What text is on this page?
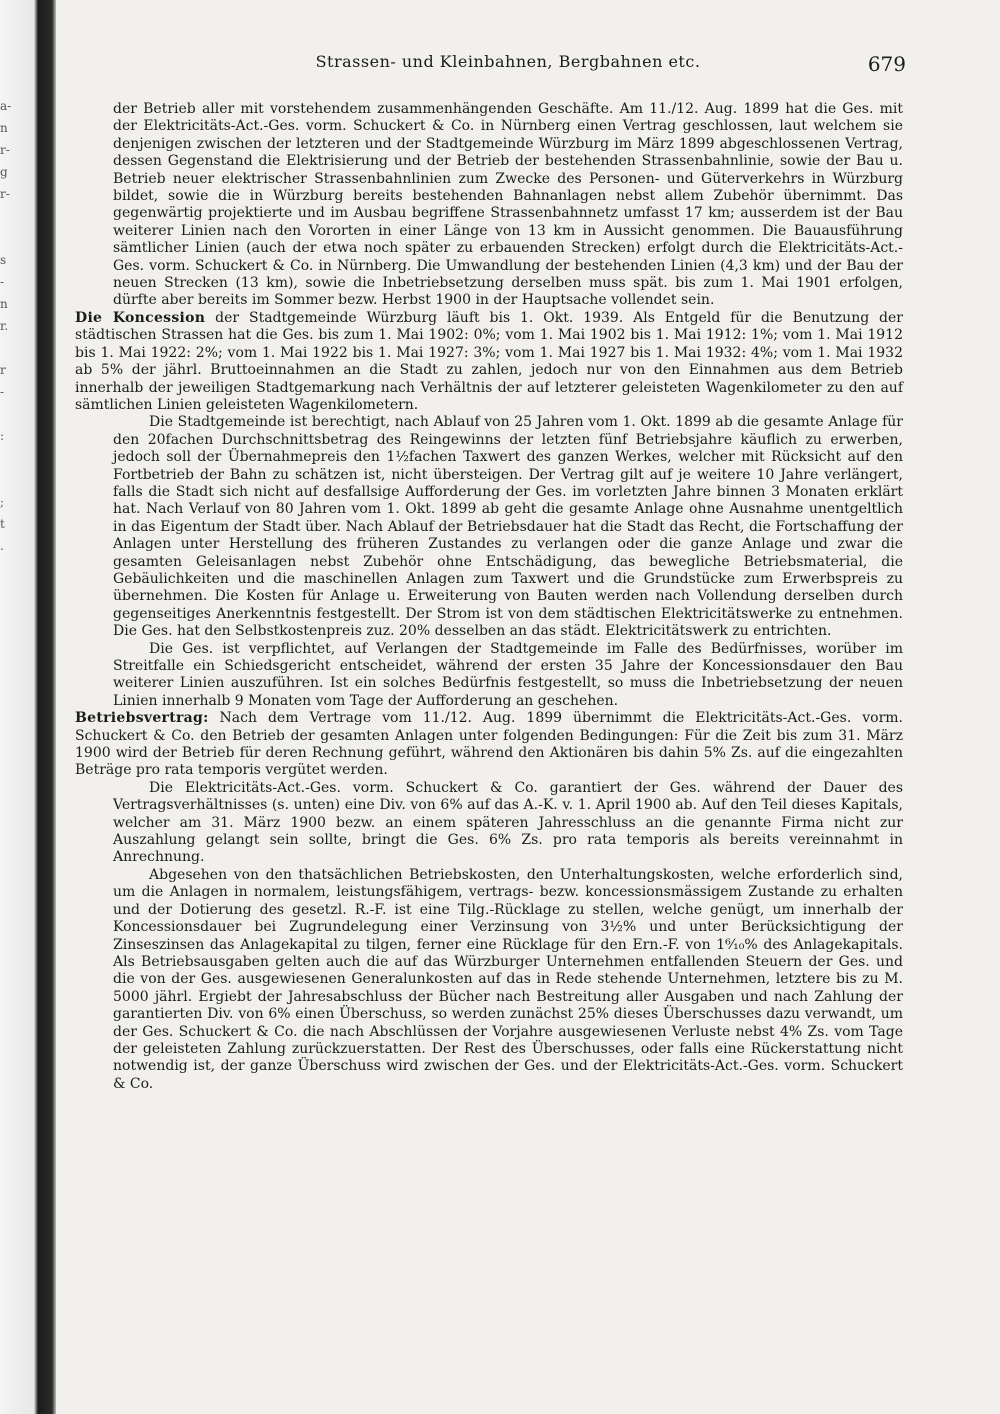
a-
n
r-
g
r-
s
-
n
r.
r
-
:
;
t
.
Strassen- und Kleinbahnen, Bergbahnen etc.	679

der Betrieb aller mit vorstehendem zusammenhängenden Geschäfte. Am 11./12. Aug. 1899 hat die Ges. mit der Elektricitäts-Act.-Ges. vorm. Schuckert & Co. in Nürnberg einen Vertrag geschlossen, laut welchem sie denjenigen zwischen der letzteren und der Stadtgemeinde Würzburg im März 1899 abgeschlossenen Vertrag, dessen Gegenstand die Elektrisierung und der Betrieb der bestehenden Strassenbahnlinie, sowie der Bau u. Betrieb neuer elektrischer Strassenbahnlinien zum Zwecke des Personen- und Güterverkehrs in Würzburg bildet, sowie die in Würzburg bereits bestehenden Bahnanlagen nebst allem Zubehör übernimmt. Das gegenwärtig projektierte und im Ausbau begriffene Strassenbahnnetz umfasst 17 km; ausserdem ist der Bau weiterer Linien nach den Vororten in einer Länge von 13 km in Aussicht genommen. Die Bauausführung sämtlicher Linien (auch der etwa noch später zu erbauenden Strecken) erfolgt durch die Elektricitäts-Act.-Ges. vorm. Schuckert & Co. in Nürnberg. Die Umwandlung der bestehenden Linien (4,3 km) und der Bau der neuen Strecken (13 km), sowie die Inbetriebsetzung derselben muss spät. bis zum 1. Mai 1901 erfolgen, dürfte aber bereits im Sommer bezw. Herbst 1900 in der Hauptsache vollendet sein.

Die Koncession der Stadtgemeinde Würzburg läuft bis 1. Okt. 1939. Als Entgeld für die Benutzung der städtischen Strassen hat die Ges. bis zum 1. Mai 1902: 0%; vom 1. Mai 1902 bis 1. Mai 1912: 1%; vom 1. Mai 1912 bis 1. Mai 1922: 2%; vom 1. Mai 1922 bis 1. Mai 1927: 3%; vom 1. Mai 1927 bis 1. Mai 1932: 4%; vom 1. Mai 1932 ab 5% der jährl. Bruttoeinnahmen an die Stadt zu zahlen, jedoch nur von den Einnahmen aus dem Betrieb innerhalb der jeweiligen Stadtgemarkung nach Verhältnis der auf letzterer geleisteten Wagenkilometer zu den auf sämtlichen Linien geleisteten Wagenkilometern.

Die Stadtgemeinde ist berechtigt, nach Ablauf von 25 Jahren vom 1. Okt. 1899 ab die gesamte Anlage für den 20fachen Durchschnittsbetrag des Reingewinns der letzten fünf Betriebsjahre käuflich zu erwerben, jedoch soll der Übernahmepreis den 1½fachen Taxwert des ganzen Werkes, welcher mit Rücksicht auf den Fortbetrieb der Bahn zu schätzen ist, nicht übersteigen. Der Vertrag gilt auf je weitere 10 Jahre verlängert, falls die Stadt sich nicht auf desfallsige Aufforderung der Ges. im vorletzten Jahre binnen 3 Monaten erklärt hat. Nach Verlauf von 80 Jahren vom 1. Okt. 1899 ab geht die gesamte Anlage ohne Ausnahme unentgeltlich in das Eigentum der Stadt über. Nach Ablauf der Betriebsdauer hat die Stadt das Recht, die Fortschaffung der Anlagen unter Herstellung des früheren Zustandes zu verlangen oder die ganze Anlage und zwar die gesamten Geleisanlagen nebst Zubehör ohne Entschädigung, das bewegliche Betriebsmaterial, die Gebäulichkeiten und die maschinellen Anlagen zum Taxwert und die Grundstücke zum Erwerbspreis zu übernehmen. Die Kosten für Anlage u. Erweiterung von Bauten werden nach Vollendung derselben durch gegenseitiges Anerkenntnis festgestellt. Der Strom ist von dem städtischen Elektricitätswerke zu entnehmen. Die Ges. hat den Selbstkostenpreis zuz. 20% desselben an das städt. Elektricitätswerk zu entrichten.

Die Ges. ist verpflichtet, auf Verlangen der Stadtgemeinde im Falle des Bedürfnisses, worüber im Streitfalle ein Schiedsgericht entscheidet, während der ersten 35 Jahre der Koncessionsdauer den Bau weiterer Linien auszuführen. Ist ein solches Bedürfnis festgestellt, so muss die Inbetriebsetzung der neuen Linien innerhalb 9 Monaten vom Tage der Aufforderung an geschehen.

Betriebsvertrag: Nach dem Vertrage vom 11./12. Aug. 1899 übernimmt die Elektricitäts-Act.-Ges. vorm. Schuckert & Co. den Betrieb der gesamten Anlagen unter folgenden Bedingungen: Für die Zeit bis zum 31. März 1900 wird der Betrieb für deren Rechnung geführt, während den Aktionären bis dahin 5% Zs. auf die eingezahlten Beträge pro rata temporis vergütet werden.

Die Elektricitäts-Act.-Ges. vorm. Schuckert & Co. garantiert der Ges. während der Dauer des Vertragsverhältnisses (s. unten) eine Div. von 6% auf das A.-K. v. 1. April 1900 ab. Auf den Teil dieses Kapitals, welcher am 31. März 1900 bezw. an einem späteren Jahresschluss an die genannte Firma nicht zur Auszahlung gelangt sein sollte, bringt die Ges. 6% Zs. pro rata temporis als bereits vereinnahmt in Anrechnung.

Abgesehen von den thatsächlichen Betriebskosten, den Unterhaltungskosten, welche erforderlich sind, um die Anlagen in normalem, leistungsfähigem, vertrags- bezw. koncessionsmässigem Zustande zu erhalten und der Dotierung des gesetzl. R.-F. ist eine Tilg.-Rücklage zu stellen, welche genügt, um innerhalb der Koncessionsdauer bei Zugrundelegung einer Verzinsung von 3½% und unter Berücksichtigung der Zinseszinsen das Anlagekapital zu tilgen, ferner eine Rücklage für den Ern.-F. von 1⁶⁄₁₀% des Anlagekapitals. Als Betriebsausgaben gelten auch die auf das Würzburger Unternehmen entfallenden Steuern der Ges. und die von der Ges. ausgewiesenen Generalunkosten auf das in Rede stehende Unternehmen, letztere bis zu M. 5000 jährl. Ergiebt der Jahresabschluss der Bücher nach Bestreitung aller Ausgaben und nach Zahlung der garantierten Div. von 6% einen Überschuss, so werden zunächst 25% dieses Überschusses dazu verwandt, um der Ges. Schuckert & Co. die nach Abschlüssen der Vorjahre ausgewiesenen Verluste nebst 4% Zs. vom Tage der geleisteten Zahlung zurückzuerstatten. Der Rest des Überschusses, oder falls eine Rückerstattung nicht notwendig ist, der ganze Überschuss wird zwischen der Ges. und der Elektricitäts-Act.-Ges. vorm. Schuckert & Co.
